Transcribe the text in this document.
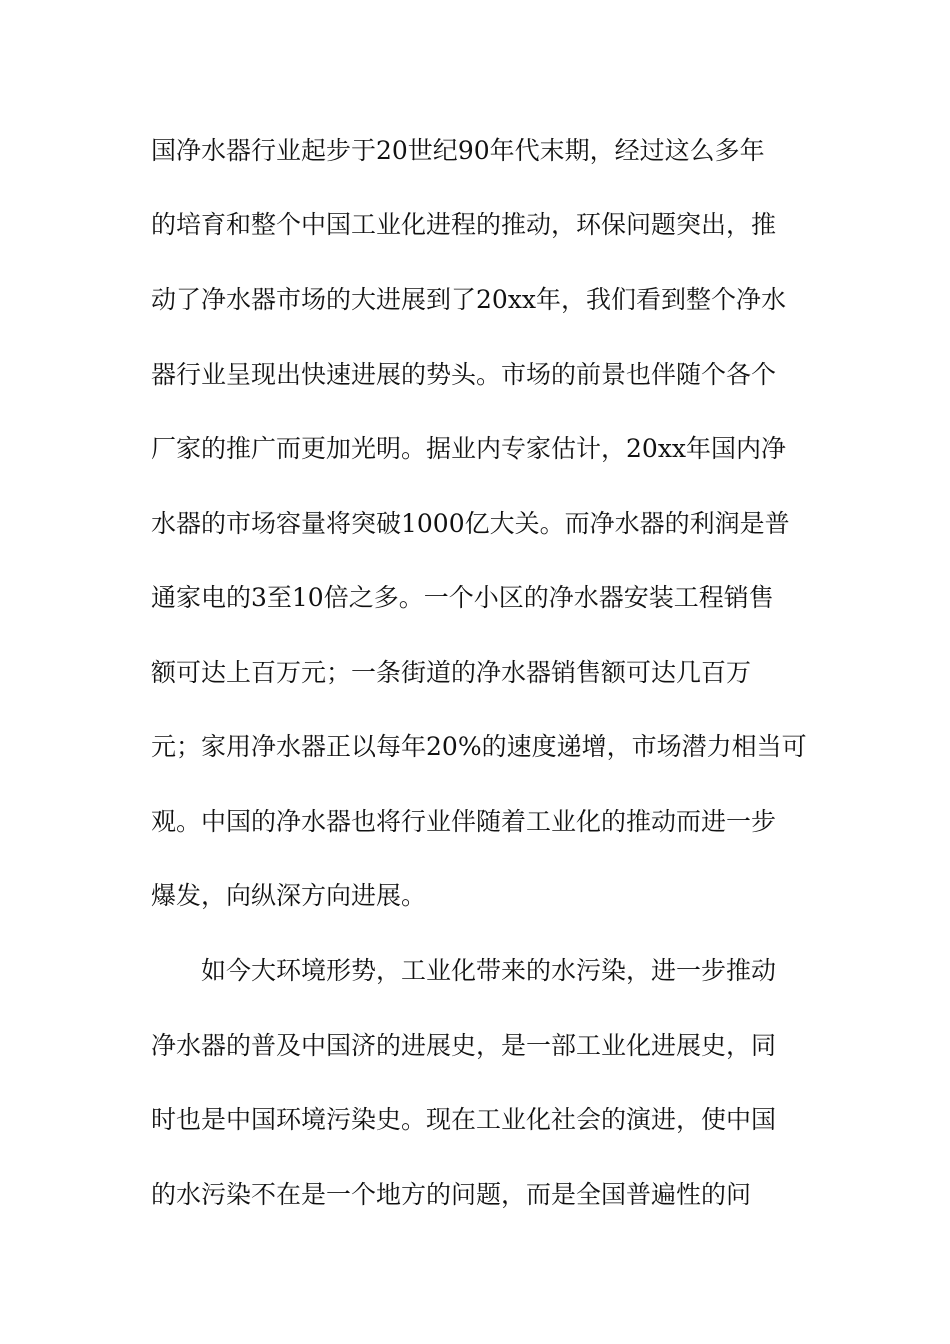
国净水器行业起步于20世纪90年代末期，经过这么多年
的培育和整个中国工业化进程的推动，环保问题突出，推
动了净水器市场的大进展到了20xx年，我们看到整个净水
器行业呈现出快速进展的势头。市场的前景也伴随个各个
厂家的推广而更加光明。据业内专家估计，20xx年国内净
水器的市场容量将突破1000亿大关。而净水器的利润是普
通家电的3至10倍之多。一个小区的净水器安装工程销售
额可达上百万元；一条街道的净水器销售额可达几百万
元；家用净水器正以每年20%的速度递增，市场潜力相当可
观。中国的净水器也将行业伴随着工业化的推动而进一步
爆发，向纵深方向进展。
如今大环境形势，工业化带来的水污染，进一步推动
净水器的普及中国济的进展史，是一部工业化进展史，同
时也是中国环境污染史。现在工业化社会的演进，使中国
的水污染不在是一个地方的问题，而是全国普遍性的问
